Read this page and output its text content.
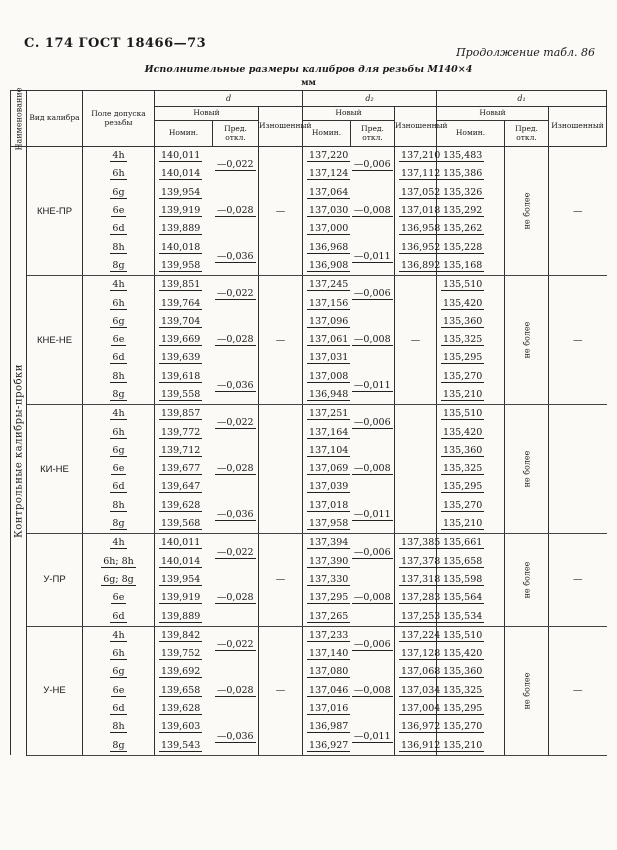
С. 174 ГОСТ 18466—73
Продолжение табл. 86
Исполнительные размеры калибров для резьбы М140×4
мм
Наименование	Вид калибра	Поле допуска резьбы	d			d₂			d₁		
			Новый		Изношенный	Новый		Изношенный	Новый		Изношенный
			Номин.	Пред. откл.		Номин.	Пред. откл.		Номин.	Пред. откл.	

Контрольные калибры-пробки	КНЕ-ПР	4h	140,011	—0,022	—	137,220	—0,006	137,210	135,483	не более	—
		6h	140,014			137,124		137,112	135,386		
		6g	139,954	—0,028		137,064	—0,008	137,052	135,326		
		6e	139,919			137,030		137,018	135,292		
		6d	139,889			137,000		136,958	135,262		
		8h	140,018	—0,036		136,968	—0,011	136,952	135,228		
		8g	139,958			136,908		136,892	135,168		
	КНЕ-НЕ	4h	139,851	—0,022	—	137,245	—0,006	—	135,510	не более	—
		6h	139,764			137,156			135,420		
		6g	139,704	—0,028		137,096	—0,008		135,360		
		6e	139,669			137,061			135,325		
		6d	139,639			137,031			135,295		
		8h	139,618	—0,036		137,008	—0,011		135,270		
		8g	139,558			136,948			135,210		
	КИ-НЕ	4h	139,857	—0,022		137,251	—0,006		135,510	не более	

		6h	139,772			137,164			135,420		
		6g	139,712	—0,028		137,104	—0,008		135,360		
		6e	139,677			137,069			135,325		
		6d	139,647			137,039			135,295		
		8h	139,628	—0,036		137,018	—0,011		135,270		
		8g	139,568			137,958			135,210		
	У-ПР	4h	140,011	—0,022	—	137,394	—0,006	137,385	135,661	не более	—
		6h; 8h	140,014			137,390		137,378	135,658		
		6g; 8g	139,954	—0,028		137,330	—0,008	137,318	135,598		
		6e	139,919			137,295		137,283	135,564		
		6d	139,889			137,265		137,253	135,534		
	У-НЕ	4h	139,842	—0,022	—	137,233	—0,006	137,224	135,510	не более	—
		6h	139,752			137,140		137,128	135,420		
		6g	139,692	—0,028		137,080	—0,008	137,068	135,360		
		6e	139,658			137,046		137,034	135,325		
		6d	139,628			137,016		137,004	135,295		
		8h	139,603	—0,036		136,987	—0,011	136,972	135,270		
		8g	139,543			136,927		136,912	135,210		
